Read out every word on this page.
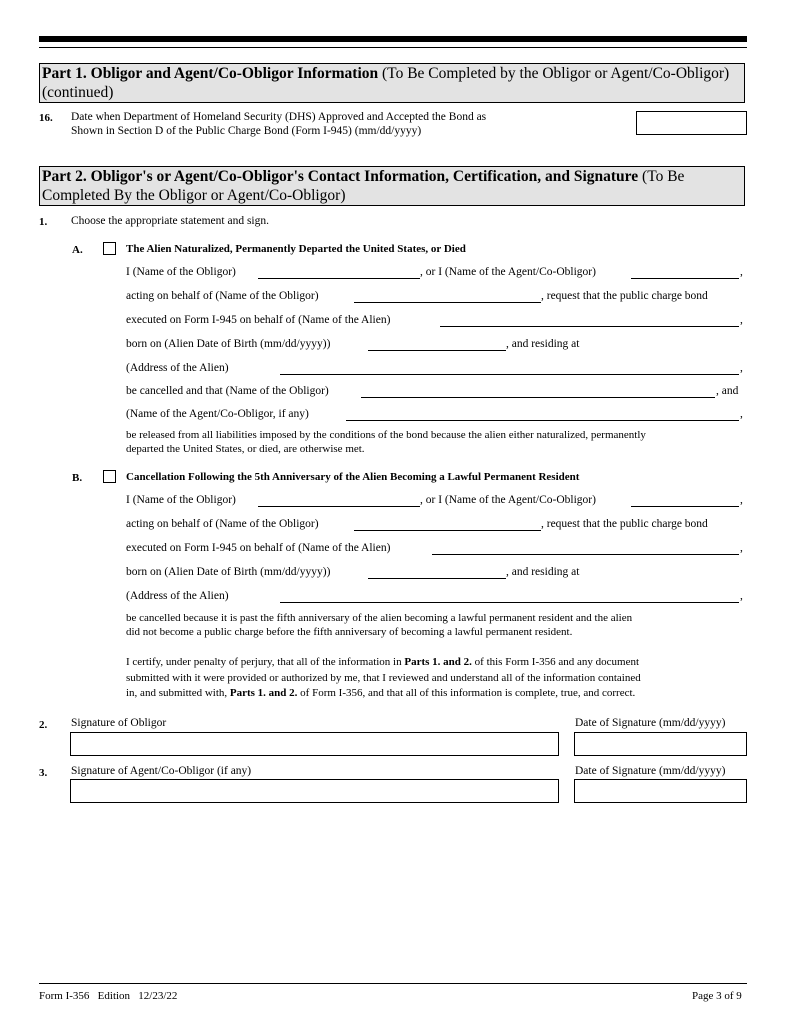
Part 1. Obligor and Agent/Co-Obligor Information (To Be Completed by the Obligor or Agent/Co-Obligor)
(continued)
16. Date when Department of Homeland Security (DHS) Approved and Accepted the Bond as
Shown in Section D of the Public Charge Bond (Form I-945) (mm/dd/yyyy)
Part 2. Obligor's or Agent/Co-Obligor's Contact Information, Certification, and Signature (To Be
Completed By the Obligor or Agent/Co-Obligor)
1. Choose the appropriate statement and sign.
A.	The Alien Naturalized, Permanently Departed the United States, or Died
I (Name of the Obligor)	, or I (Name of the Agent/Co-Obligor)	,
acting on behalf of (Name of the Obligor)	, request that the public charge bond
executed on Form I-945 on behalf of (Name of the Alien)	,
born on (Alien Date of Birth (mm/dd/yyyy))	, and residing at
(Address of the Alien)	,
be cancelled and that (Name of the Obligor)	, and
(Name of the Agent/Co-Obligor, if any)	,
be released from all liabilities imposed by the conditions of the bond because the alien either naturalized, permanently
departed the United States, or died, are otherwise met.
B.	Cancellation Following the 5th Anniversary of the Alien Becoming a Lawful Permanent Resident
I (Name of the Obligor)	, or I (Name of the Agent/Co-Obligor)	,
acting on behalf of (Name of the Obligor)	, request that the public charge bond
executed on Form I-945 on behalf of (Name of the Alien)	,
born on (Alien Date of Birth (mm/dd/yyyy))	, and residing at
(Address of the Alien)	,
be cancelled because it is past the fifth anniversary of the alien becoming a lawful permanent resident and the alien
did not become a public charge before the fifth anniversary of becoming a lawful permanent resident.
I certify, under penalty of perjury, that all of the information in Parts 1. and 2. of this Form I-356 and any document
submitted with it were provided or authorized by me, that I reviewed and understand all of the information contained
in, and submitted with, Parts 1. and 2. of Form I-356, and that all of this information is complete, true, and correct.
2. Signature of Obligor	Date of Signature (mm/dd/yyyy)
3. Signature of Agent/Co-Obligor (if any)	Date of Signature (mm/dd/yyyy)
Form I-356   Edition   12/23/22	Page 3 of 9
